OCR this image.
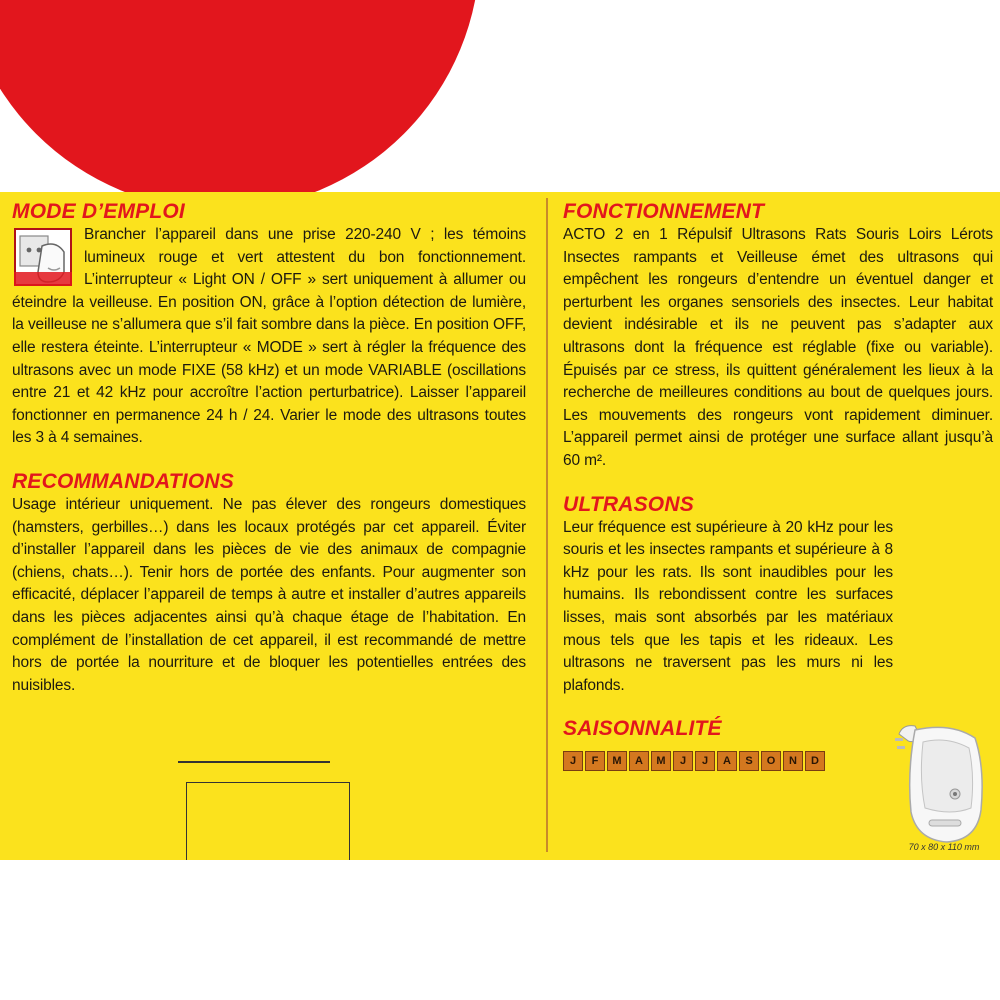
MODE D’EMPLOI

Brancher l’appareil dans une prise 220-240 V ; les témoins lumineux rouge et vert attestent du bon fonctionnement. L’interrupteur « Light ON / OFF » sert uniquement à allumer ou éteindre la veilleuse. En position ON, grâce à l’option détection de lumière, la veilleuse ne s’allumera que s’il fait sombre dans la pièce. En position OFF, elle restera éteinte. L’interrupteur « MODE » sert à régler la fréquence des ultrasons avec un mode FIXE (58 kHz) et un mode VARIABLE (oscillations entre 21 et 42 kHz pour accroître l’action perturbatrice). Laisser l’appareil fonctionner en permanence 24 h / 24. Varier le mode des ultrasons toutes les 3 à 4 semaines.

RECOMMANDATIONS

Usage intérieur uniquement. Ne pas élever des rongeurs domestiques (hamsters, gerbilles…) dans les locaux protégés par cet appareil. Éviter d’installer l’appareil dans les pièces de vie des animaux de compagnie (chiens, chats…). Tenir hors de portée des enfants. Pour augmenter son efficacité, déplacer l’appareil de temps à autre et installer d’autres appareils dans les pièces adjacentes ainsi qu’à chaque étage de l’habitation. En complément de l’installation de cet appareil, il est recommandé de mettre hors de portée la nourriture et de bloquer les potentielles entrées des nuisibles.

FONCTIONNEMENT

ACTO 2 en 1 Répulsif Ultrasons Rats Souris Loirs Lérots Insectes rampants et Veilleuse émet des ultrasons qui empêchent les rongeurs d’entendre un éventuel danger et perturbent les organes sensoriels des insectes. Leur habitat devient indésirable et ils ne peuvent pas s’adapter aux ultrasons dont la fréquence est réglable (fixe ou variable). Épuisés par ce stress, ils quittent généralement les lieux à la recherche de meilleures conditions au bout de quelques jours. Les mouvements des rongeurs vont rapidement diminuer. L’appareil permet ainsi de protéger une surface allant jusqu’à 60 m².

ULTRASONS

Leur fréquence est supérieure à 20 kHz pour les souris et les insectes rampants et supérieure à 8 kHz pour les rats. Ils sont inaudibles pour les humains. Ils rebondissent contre les surfaces lisses, mais sont absorbés par les matériaux mous tels que les tapis et les rideaux. Les ultrasons ne traversent pas les murs ni les plafonds.

SAISONNALITÉ
J	F	M	A	M	J	J	A	S	O	N	D
70 x 80 x 110 mm
